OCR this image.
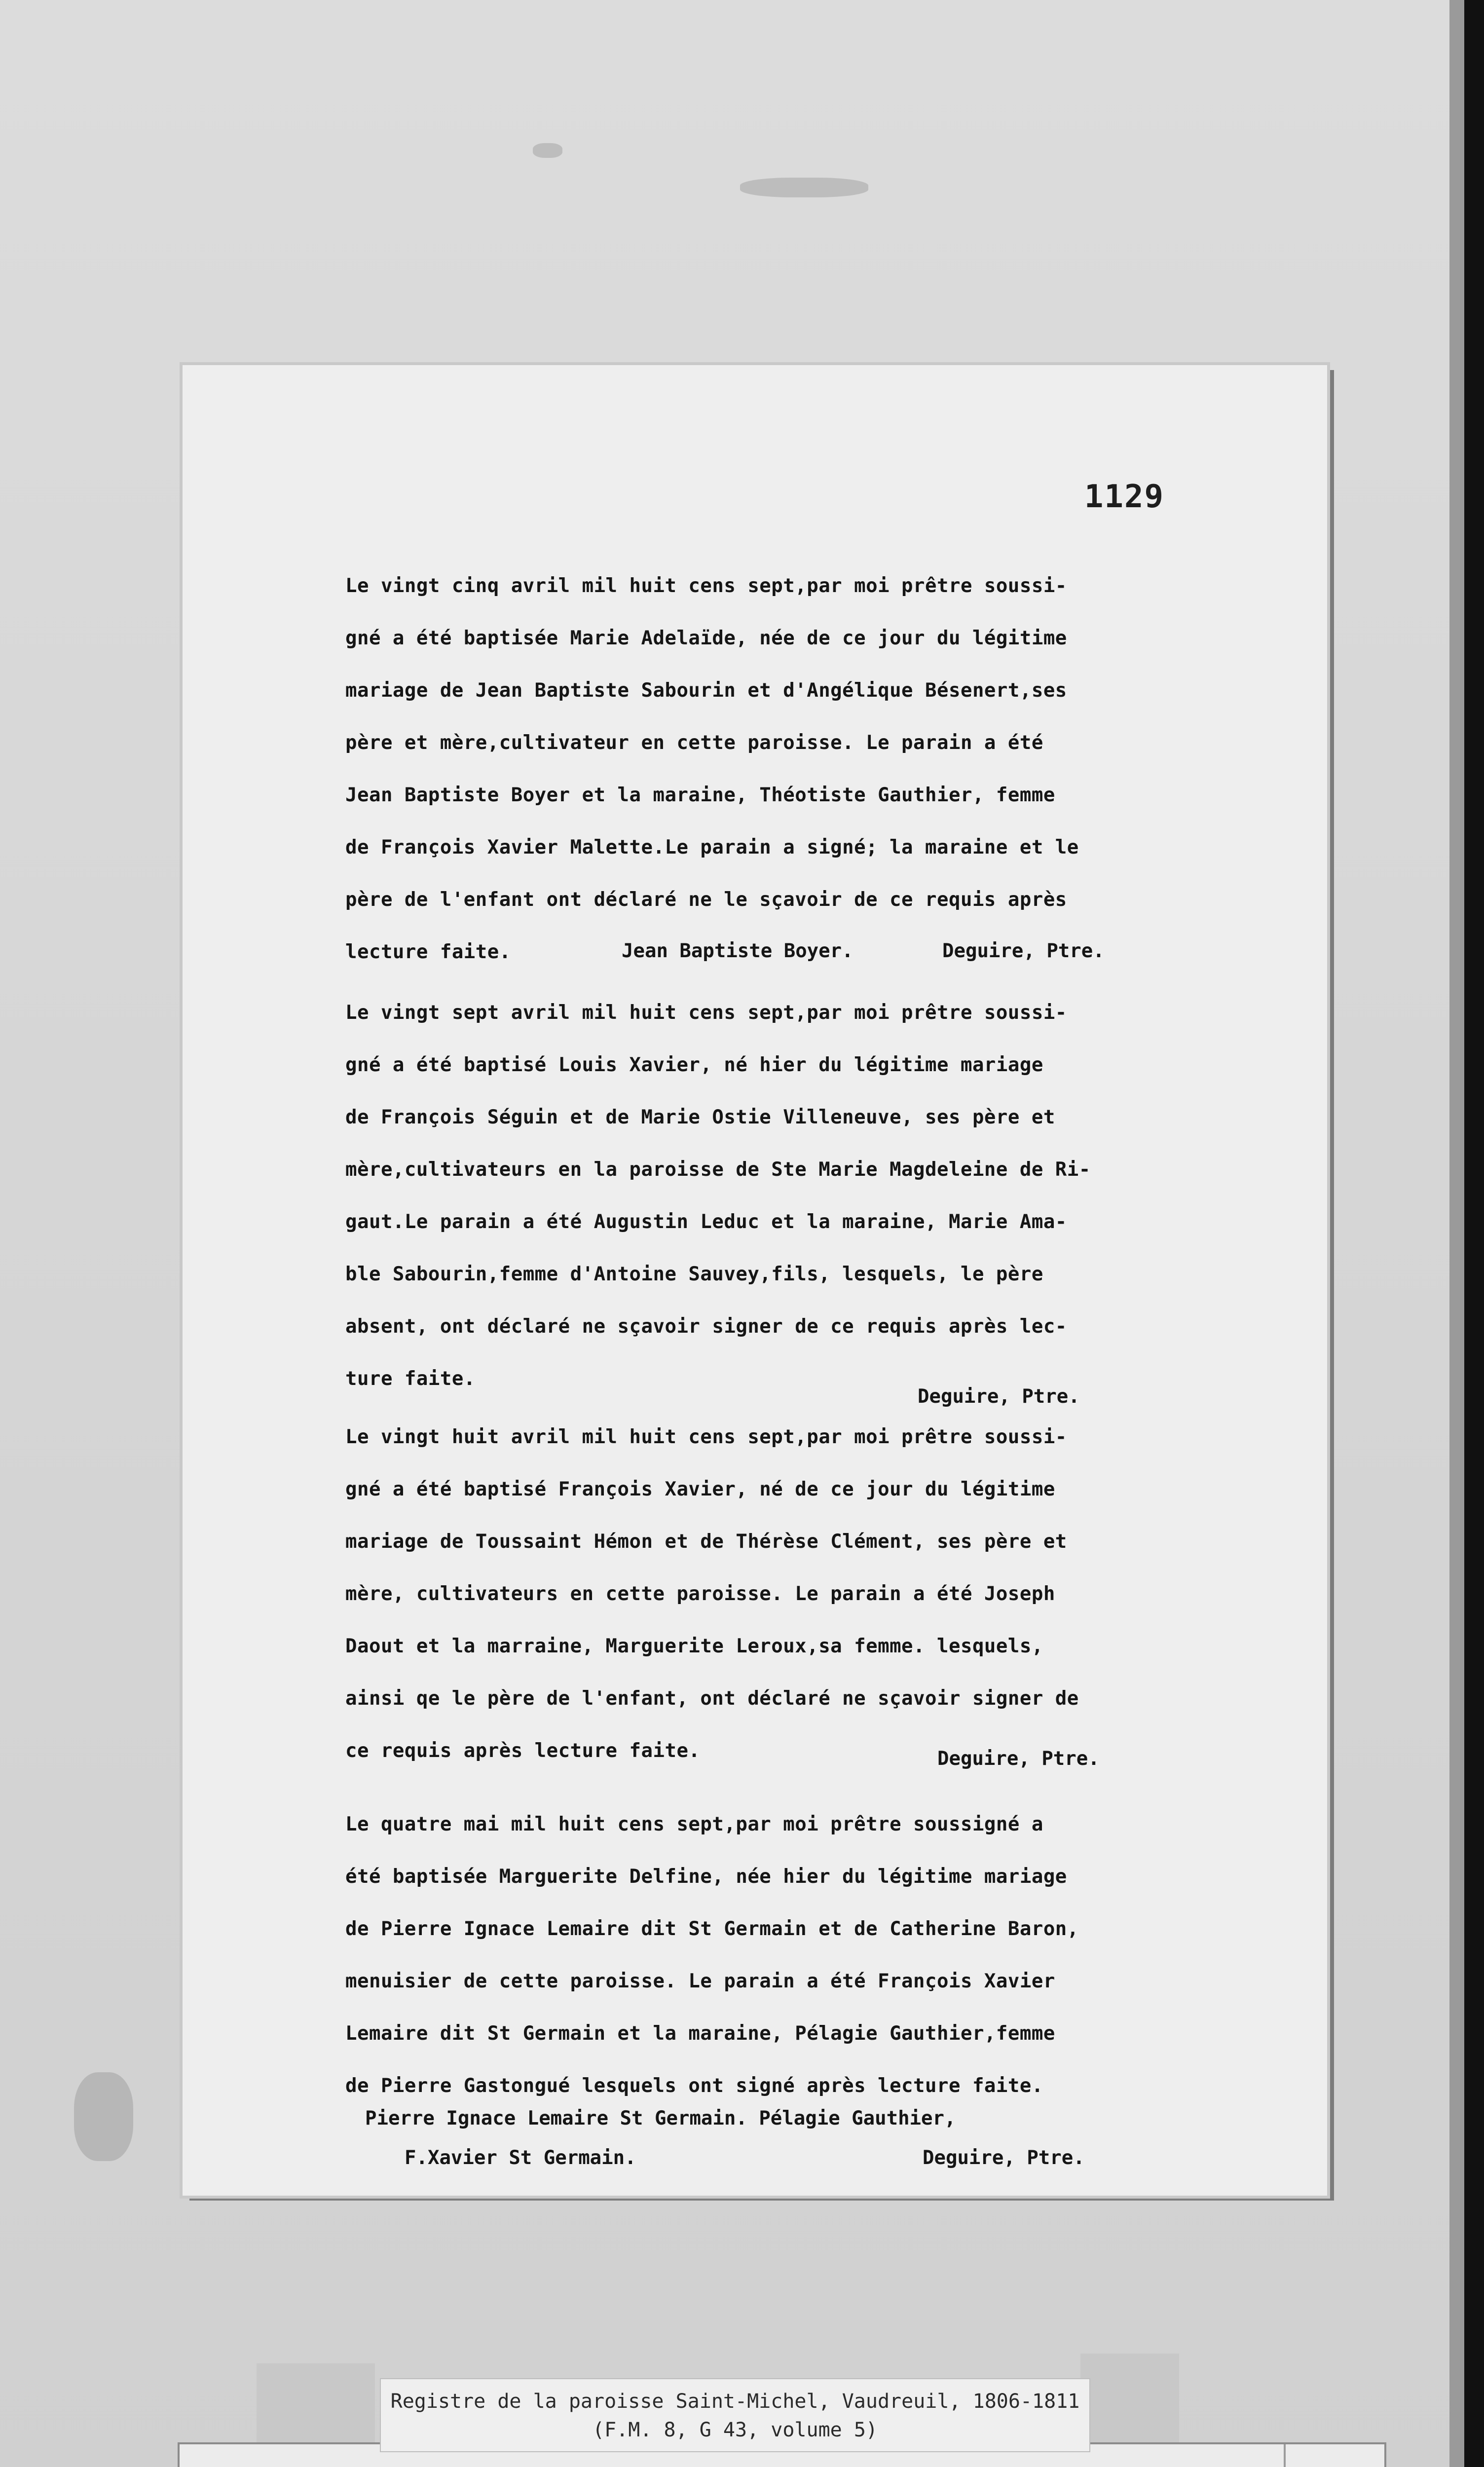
1129
Le vingt cinq avril mil huit cens sept,par moi prêtre soussi-
gné a été baptisée Marie Adelaïde, née de ce jour du légitime
mariage de Jean Baptiste Sabourin et d'Angélique Bésenert,ses
père et mère,cultivateur en cette paroisse. Le parain a été
Jean Baptiste Boyer et la maraine, Théotiste Gauthier, femme
de François Xavier Malette.Le parain a signé; la maraine et le
père de l'enfant ont déclaré ne le sçavoir de ce requis après
lecture faite.	Jean Baptiste Boyer.	Deguire, Ptre.
Le vingt sept avril mil huit cens sept,par moi prêtre soussi-
gné a été baptisé Louis Xavier, né hier du légitime mariage
de François Séguin et de Marie Ostie Villeneuve, ses père et
mère,cultivateurs en la paroisse de Ste Marie Magdeleine de Ri-
gaut.Le parain a été Augustin Leduc et la maraine, Marie Ama-
ble Sabourin,femme d'Antoine Sauvey,fils, lesquels, le père
absent, ont déclaré ne sçavoir signer de ce requis après lec-
ture faite.
Deguire, Ptre.
Le vingt huit avril mil huit cens sept,par moi prêtre soussi-
gné a été baptisé François Xavier, né de ce jour du légitime
mariage de Toussaint Hémon et de Thérèse Clément, ses père et
mère, cultivateurs en cette paroisse. Le parain a été Joseph
Daout et la marraine, Marguerite Leroux,sa femme. lesquels,
ainsi qe le père de l'enfant, ont déclaré ne sçavoir signer de
ce requis après lecture faite.	Deguire, Ptre.
Le quatre mai mil huit cens sept,par moi prêtre soussigné a
été baptisée Marguerite Delfine, née hier du légitime mariage
de Pierre Ignace Lemaire dit St Germain et de Catherine Baron,
menuisier de cette paroisse. Le parain a été François Xavier
Lemaire dit St Germain et la maraine, Pélagie Gauthier,femme
de Pierre Gastongué lesquels ont signé après lecture faite.
Pierre Ignace Lemaire St Germain. Pélagie Gauthier,
F.Xavier St Germain.	Deguire, Ptre.
Registre de la paroisse Saint-Michel, Vaudreuil, 1806-1811
(F.M. 8, G 43, volume 5)
